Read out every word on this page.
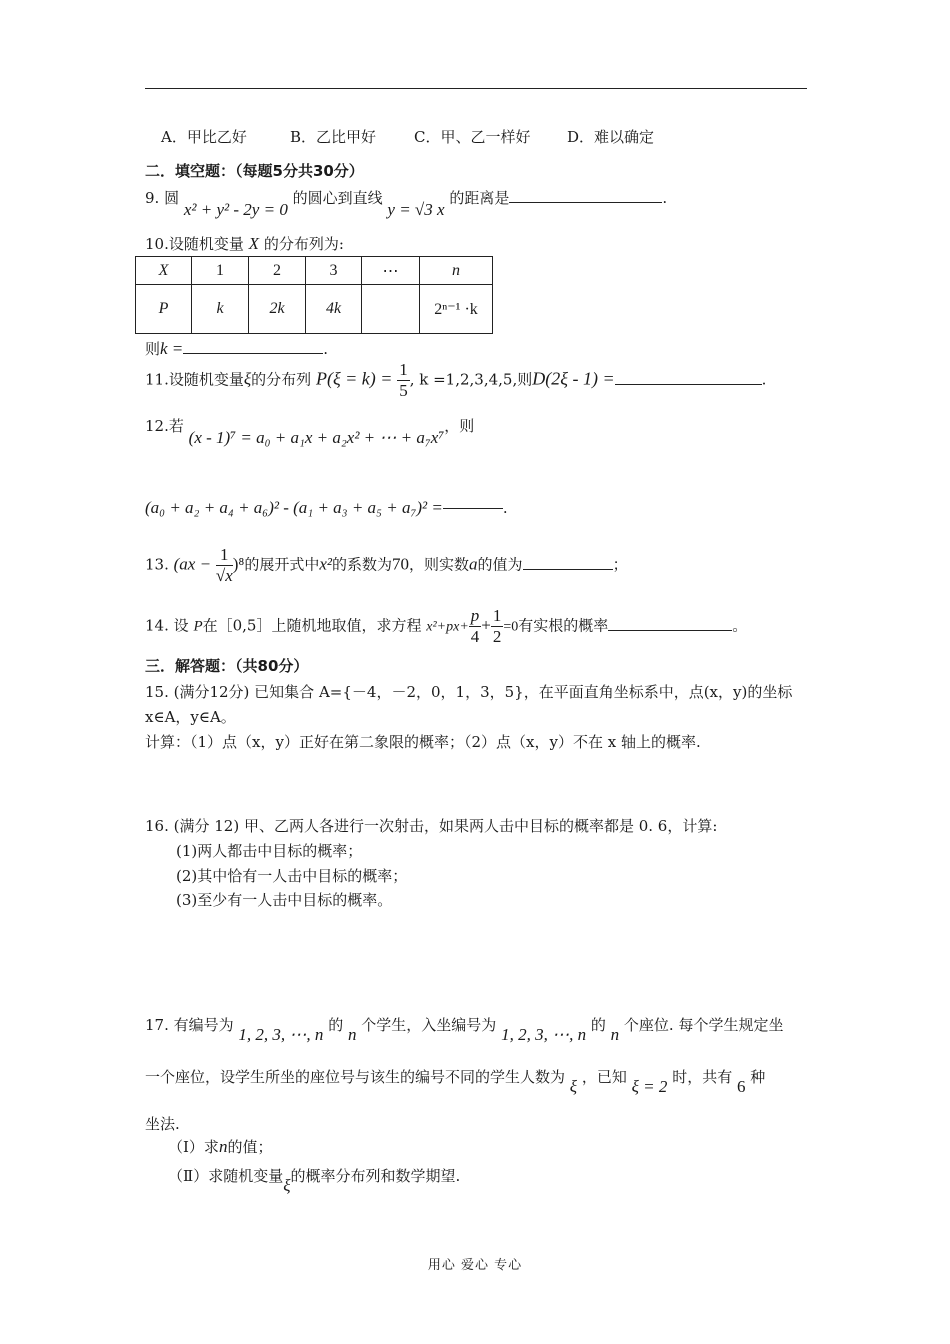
A．甲比乙好	B．乙比甲好	C．甲、乙一样好 D．难以确定
二．填空题：（每题5分共30分）
9. 圆 x² + y² - 2y = 0 的圆心到直线 y = √3 x 的距离是	.
10.设随机变量 X 的分布列为:
X	1	2	3	⋯	n
P	k	2k	4k		2ⁿ⁻¹ ·k
则k =	.
11.设随机变量ξ的分布列 $P(\xi = k) = \frac{1}{5}$ , k =1,2,3,4,5,则D(2ξ - 1) =	.
12.若 (x - 1)⁷ = a₀ + a₁x + a₂x² + ⋯ + a₇x⁷，则
(a₀ + a₂ + a₄ + a₆)² - (a₁ + a₃ + a₅ + a₇)² =	.
13. $(ax - \frac{1}{√x} )^8$的展开式中x²的系数为70，则实数a的值为	；
14. 设 P在［0,5］上随机地取值，求方程 $x^2+px+ \frac{p}{4} + \frac{1}{2} =0$有实根的概率	。
三．解答题：（共80分）
15. (满分12分) 已知集合 A={－4，－2，0，1，3，5}，在平面直角坐标系中，点(x，y)的坐标
x∈A，y∈A。
计算：（1）点（x，y）正好在第二象限的概率；（2）点（x，y）不在 x 轴上的概率.
16. (满分 12) 甲、乙两人各进行一次射击，如果两人击中目标的概率都是 0. 6，计算:
(1)两人都击中目标的概率；
(2)其中恰有一人击中目标的概率；
(3)至少有一人击中目标的概率。
17. 有编号为 1, 2, 3, ⋯, n 的 n 个学生，入坐编号为 1, 2, 3, ⋯, n 的 n 个座位. 每个学生规定坐
一个座位，设学生所坐的座位号与该生的编号不同的学生人数为 ξ ，已知 ξ = 2 时，共有 6 种
坐法.
（Ⅰ）求n的值；
（Ⅱ）求随机变量ξ的概率分布列和数学期望.
用心 爱心 专心
